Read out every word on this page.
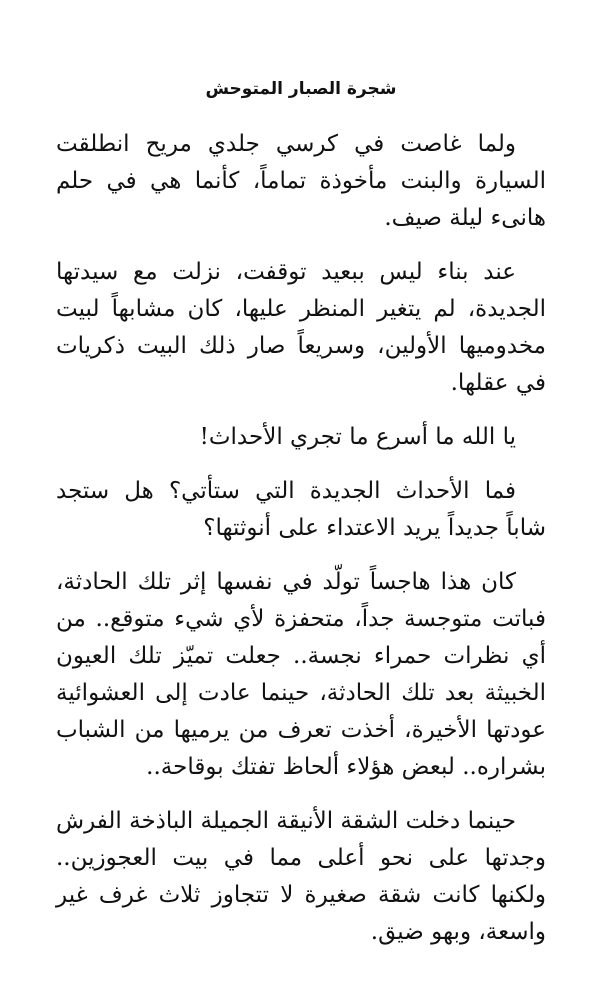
شجرة الصبار المتوحش

ولما غاصت في كرسي جلدي مريح انطلقت السيارة والبنت مأخوذة تماماً، كأنما هي في حلم هانىء ليلة صيف.

عند بناء ليس ببعيد توقفت، نزلت مع سيدتها الجديدة، لم يتغير المنظر عليها، كان مشابهاً لبيت مخدوميها الأولين، وسريعاً صار ذلك البيت ذكريات في عقلها.

يا الله ما أسرع ما تجري الأحداث!

فما الأحداث الجديدة التي ستأتي؟ هل ستجد شاباً جديداً يريد الاعتداء على أنوثتها؟

كان هذا هاجساً تولّد في نفسها إثر تلك الحادثة، فباتت متوجسة جداً، متحفزة لأي شيء متوقع.. من أي نظرات حمراء نجسة.. جعلت تميّز تلك العيون الخبيثة بعد تلك الحادثة، حينما عادت إلى العشوائية عودتها الأخيرة، أخذت تعرف من يرميها من الشباب بشراره.. لبعض هؤلاء ألحاظ تفتك بوقاحة..

حينما دخلت الشقة الأنيقة الجميلة الباذخة الفرش وجدتها على نحو أعلى مما في بيت العجوزين.. ولكنها كانت شقة صغيرة لا تتجاوز ثلاث غرف غير واسعة، وبهو ضيق.
